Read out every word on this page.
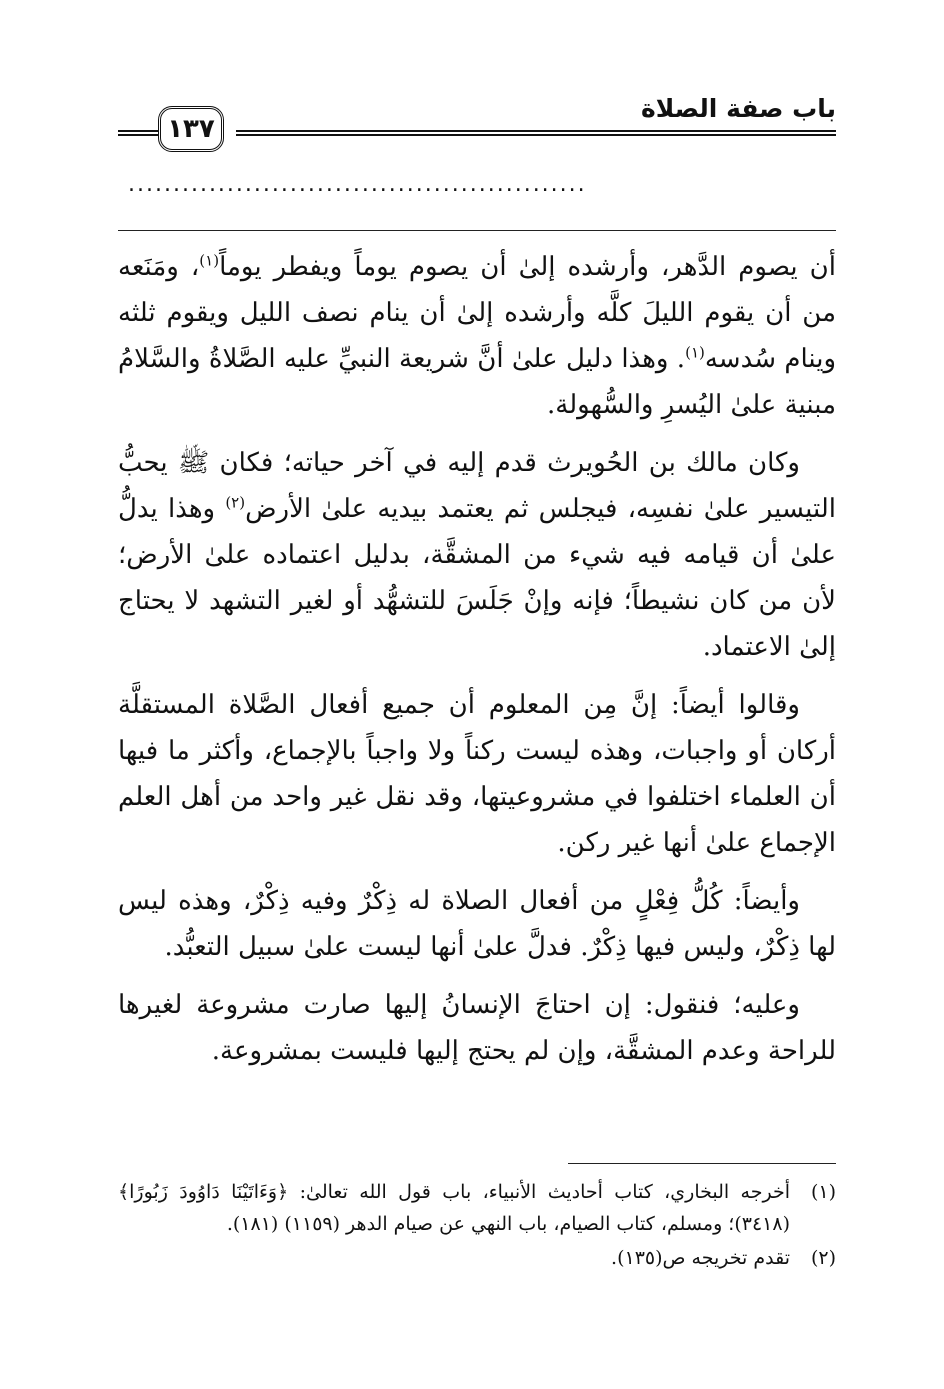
باب صفة الصلاة
١٣٧
...................................................

أن يصوم الدَّهر، وأرشده إلىٰ أن يصوم يوماً ويفطر يوماً$^{(١)}$، ومَنَعه من أن يقوم الليلَ كلَّه وأرشده إلىٰ أن ينام نصف الليل ويقوم ثلثه وينام سُدسه$^{(١)}$. وهذا دليل علىٰ أنَّ شريعة النبيِّ عليه الصَّلاةُ والسَّلامُ مبنية علىٰ اليُسرِ والسُّهولة.

وكان مالك بن الحُويرث قدم إليه في آخر حياته؛ فكان ﷺ يحبُّ التيسير علىٰ نفسِه، فيجلس ثم يعتمد بيديه علىٰ الأرض$^{(٢)}$ وهذا يدلُّ علىٰ أن قيامه فيه شيء من المشقَّة، بدليل اعتماده علىٰ الأرض؛ لأن من كان نشيطاً؛ فإنه وإنْ جَلَسَ للتشهُّد أو لغير التشهد لا يحتاج إلىٰ الاعتماد.

وقالوا أيضاً: إنَّ مِن المعلوم أن جميع أفعال الصَّلاة المستقلَّة أركان أو واجبات، وهذه ليست ركناً ولا واجباً بالإجماع، وأكثر ما فيها أن العلماء اختلفوا في مشروعيتها، وقد نقل غير واحد من أهل العلم الإجماع علىٰ أنها غير ركن.

وأيضاً: كُلُّ فِعْلٍ من أفعال الصلاة له ذِكْرٌ وفيه ذِكْرٌ، وهذه ليس لها ذِكْرٌ، وليس فيها ذِكْرٌ. فدلَّ علىٰ أنها ليست علىٰ سبيل التعبُّد.

وعليه؛ فنقول: إن احتاجَ الإنسانُ إليها صارت مشروعة لغيرها للراحة وعدم المشقَّة، وإن لم يحتج إليها فليست بمشروعة.

(١)
أخرجه البخاري، كتاب أحاديث الأنبياء، باب قول الله تعالىٰ: ﴿وَءَاتَيْنَا دَاوُودَ زَبُورًا﴾ (٣٤١٨)؛ ومسلم، كتاب الصيام، باب النهي عن صيام الدهر (١١٥٩) (١٨١).
(٢)
تقدم تخريجه ص(١٣٥).
